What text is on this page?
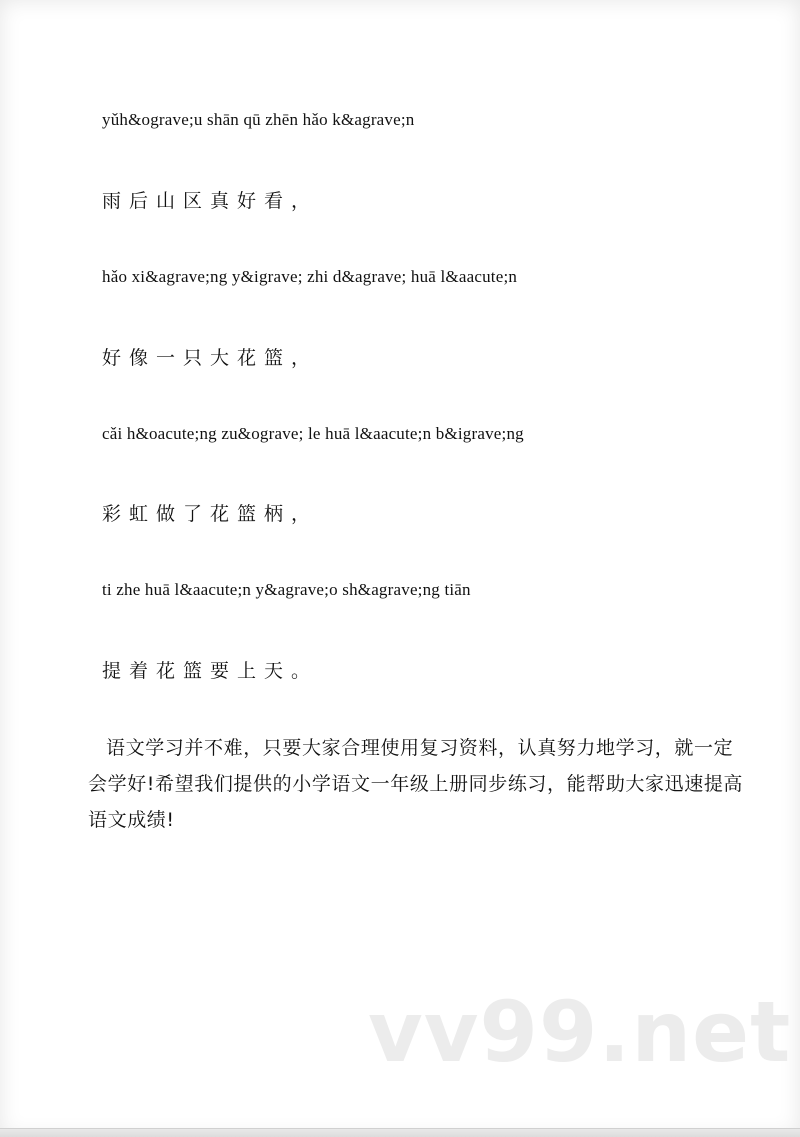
yǔh&ograve;u shān qū zhēn hǎo k&agrave;n
雨后山区真好看，
hǎo xi&agrave;ng y&igrave; zhi d&agrave; huā l&aacute;n
好像一只大花篮，
cǎi h&oacute;ng zu&ograve; le huā l&aacute;n b&igrave;ng
彩虹做了花篮柄，
ti zhe huā l&aacute;n y&agrave;o sh&agrave;ng tiān
提着花篮要上天。
语文学习并不难，只要大家合理使用复习资料，认真努力地学习，就一定
会学好!希望我们提供的小学语文一年级上册同步练习，能帮助大家迅速提高
语文成绩!
vv99.net
